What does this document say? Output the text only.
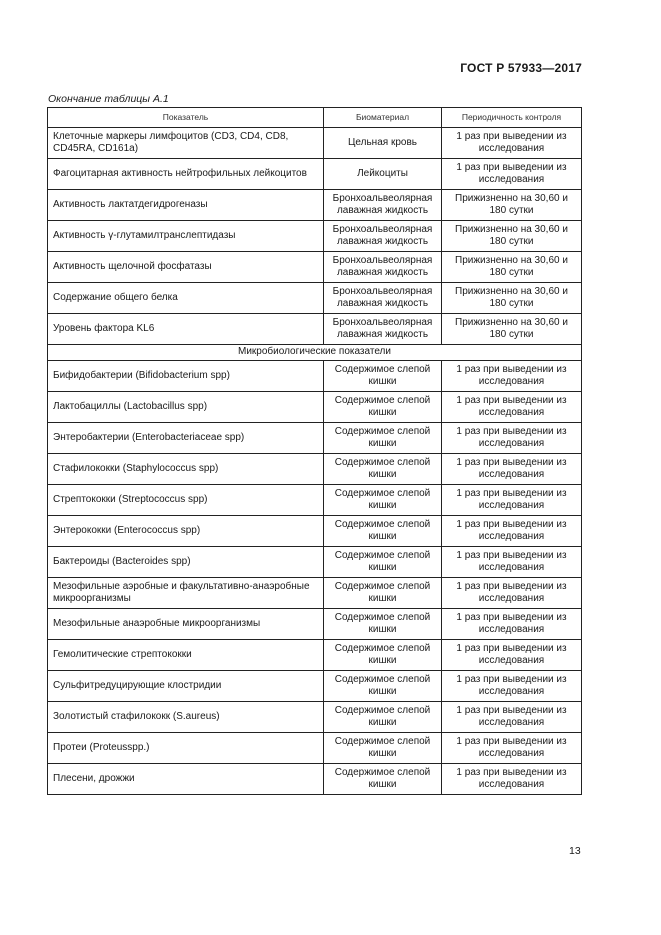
ГОСТ Р 57933—2017
Окончание таблицы А.1
Показатель	Биоматериал	Периодичность контроля
Клеточные маркеры лимфоцитов (CD3, CD4, CD8, CD45RA, CD161a)	Цельная кровь	1 раз при выведении из исследования
Фагоцитарная активность нейтрофильных лейкоцитов	Лейкоциты	1 раз при выведении из исследования
Активность лактатдегидрогеназы	Бронхоальвеолярная лаважная жидкость	Прижизненно на 30,60 и 180 сутки
Активность γ-глутамилтранслептидазы	Бронхоальвеолярная лаважная жидкость	Прижизненно на 30,60 и 180 сутки
Активность щелочной фосфатазы	Бронхоальвеолярная лаважная жидкость	Прижизненно на 30,60 и 180 сутки
Содержание общего белка	Бронхоальвеолярная лаважная жидкость	Прижизненно на 30,60 и 180 сутки
Уровень фактора KL6	Бронхоальвеолярная лаважная жидкость	Прижизненно на 30,60 и 180 сутки
Микробиологические показатели		
Бифидобактерии (Bifidobacterium spp)	Содержимое слепой кишки	1 раз при выведении из исследования
Лактобациллы (Lactobacillus spp)	Содержимое слепой кишки	1 раз при выведении из исследования
Энтеробактерии (Enterobacteriaceae spp)	Содержимое слепой кишки	1 раз при выведении из исследования
Стафилококки (Staphylococcus spp)	Содержимое слепой кишки	1 раз при выведении из исследования
Стрептококки (Streptococcus spp)	Содержимое слепой кишки	1 раз при выведении из исследования
Энтерококки (Enterococcus spp)	Содержимое слепой кишки	1 раз при выведении из исследования
Бактероиды (Bacteroides spp)	Содержимое слепой кишки	1 раз при выведении из исследования
Мезофильные аэробные и факультативно-анаэробные микроорганизмы	Содержимое слепой кишки	1 раз при выведении из исследования
Мезофильные анаэробные микроорганизмы	Содержимое слепой кишки	1 раз при выведении из исследования
Гемолитические стрептококки	Содержимое слепой кишки	1 раз при выведении из исследования
Сульфитредуцирующие клостридии	Содержимое слепой кишки	1 раз при выведении из исследования
Золотистый стафилококк (S.aureus)	Содержимое слепой кишки	1 раз при выведении из исследования
Протеи (Proteusspp.)	Содержимое слепой кишки	1 раз при выведении из исследования
Плесени, дрожжи	Содержимое слепой кишки	1 раз при выведении из исследования
13
